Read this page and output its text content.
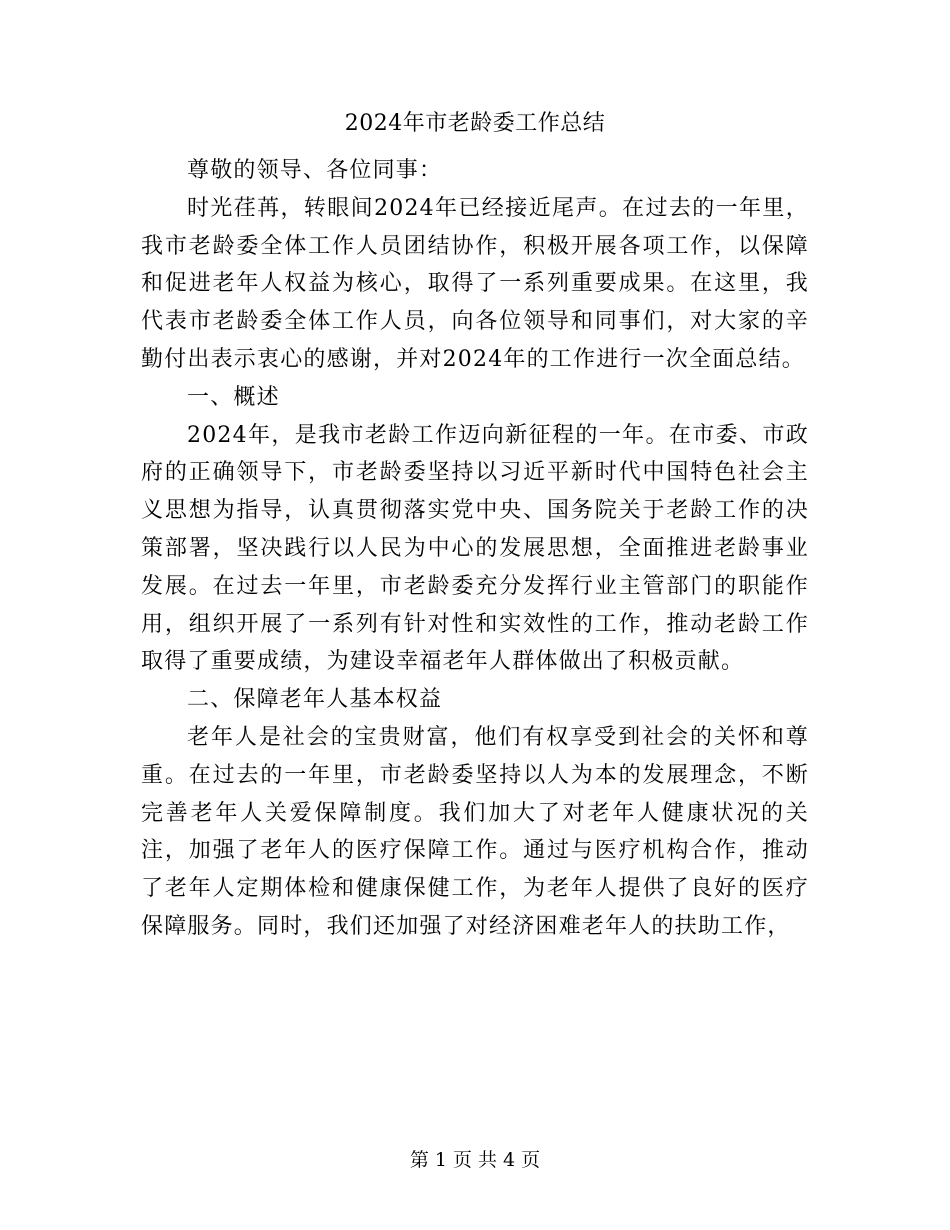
2024年市老龄委工作总结

尊敬的领导、各位同事：

时光荏苒，转眼间2024年已经接近尾声。在过去的一年里，我市老龄委全体工作人员团结协作，积极开展各项工作，以保障和促进老年人权益为核心，取得了一系列重要成果。在这里，我代表市老龄委全体工作人员，向各位领导和同事们，对大家的辛勤付出表示衷心的感谢，并对2024年的工作进行一次全面总结。

一、概述

2024年，是我市老龄工作迈向新征程的一年。在市委、市政府的正确领导下，市老龄委坚持以习近平新时代中国特色社会主义思想为指导，认真贯彻落实党中央、国务院关于老龄工作的决策部署，坚决践行以人民为中心的发展思想，全面推进老龄事业发展。在过去一年里，市老龄委充分发挥行业主管部门的职能作用，组织开展了一系列有针对性和实效性的工作，推动老龄工作取得了重要成绩，为建设幸福老年人群体做出了积极贡献。

二、保障老年人基本权益

老年人是社会的宝贵财富，他们有权享受到社会的关怀和尊重。在过去的一年里，市老龄委坚持以人为本的发展理念，不断完善老年人关爱保障制度。我们加大了对老年人健康状况的关注，加强了老年人的医疗保障工作。通过与医疗机构合作，推动了老年人定期体检和健康保健工作，为老年人提供了良好的医疗保障服务。同时，我们还加强了对经济困难老年人的扶助工作，

第 1 页 共 4 页
